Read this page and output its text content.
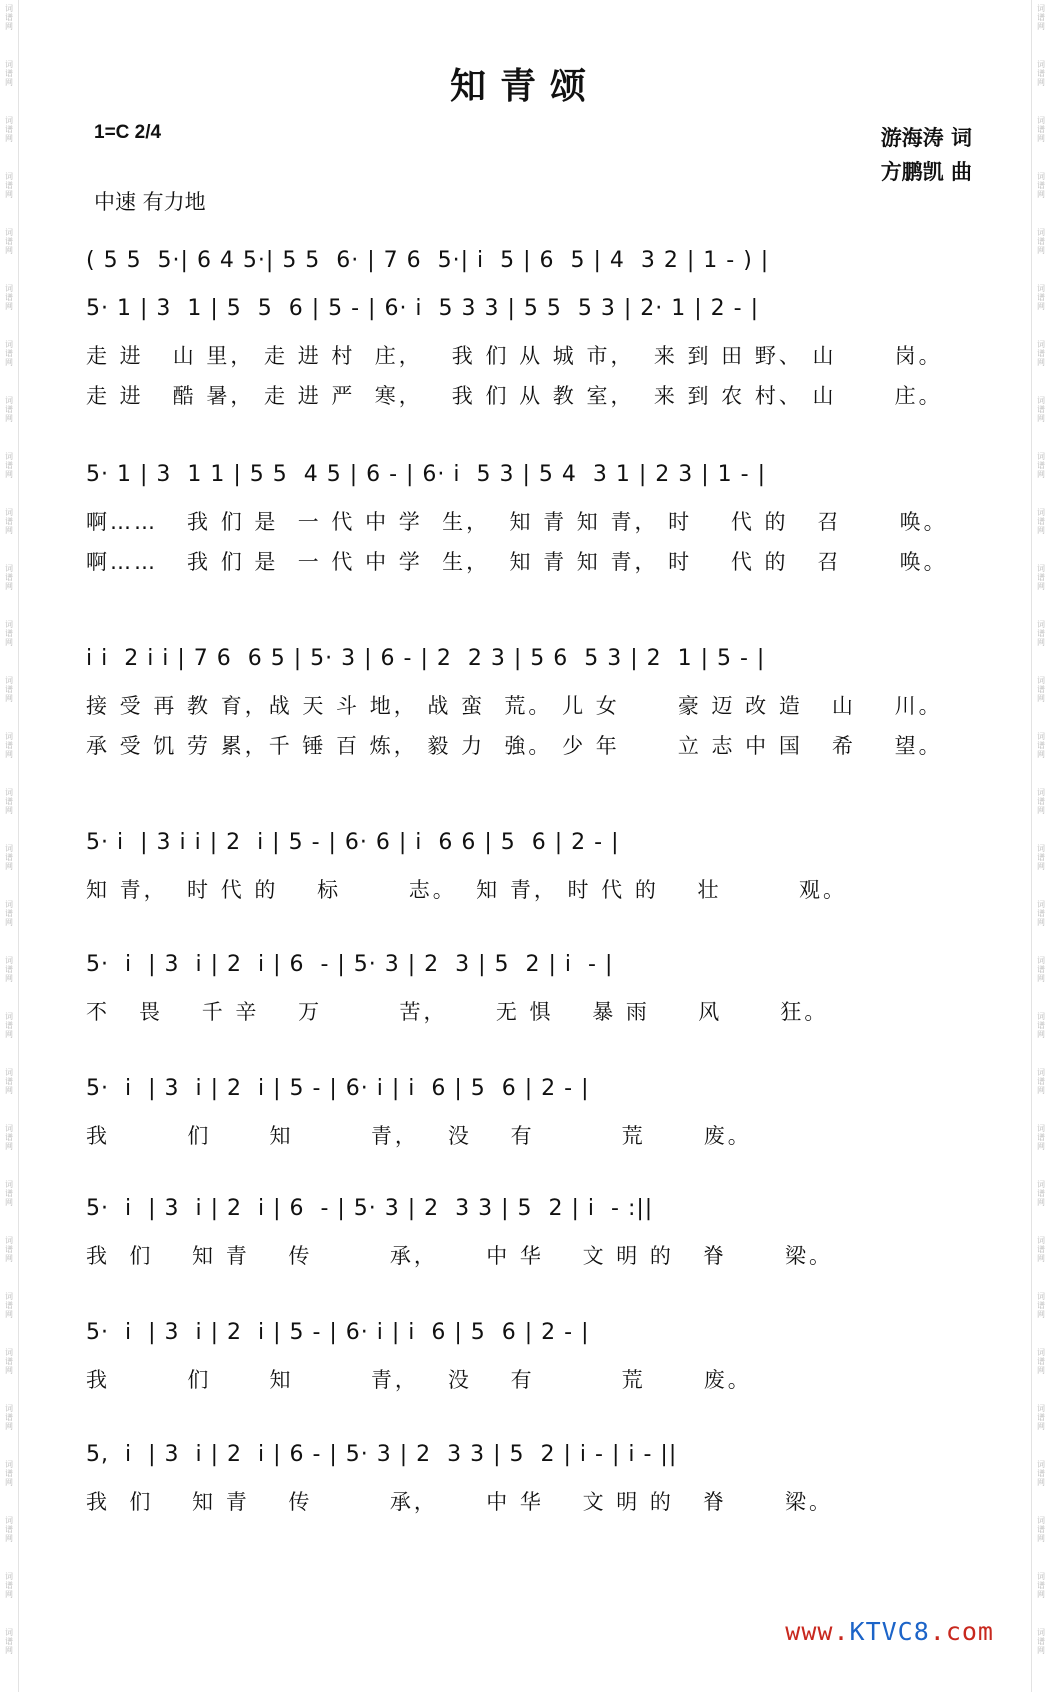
词
谱
网
词
谱
网
词
谱
网
词
谱
网
词
谱
网
词
谱
网
词
谱
网
词
谱
网
词
谱
网
词
谱
网
词
谱
网
词
谱
网
词
谱
网
词
谱
网
词
谱
网
词
谱
网
词
谱
网
词
谱
网
词
谱
网
词
谱
网
词
谱
网
词
谱
网
词
谱
网
词
谱
网
词
谱
网
词
谱
网
词
谱
网
词
谱
网
词
谱
网
词
谱
网
词
谱
网
词
谱
网
词
谱
网
词
谱
网
词
谱
网
词
谱
网
词
谱
网
词
谱
网
词
谱
网
词
谱
网
词
谱
网
词
谱
网
词
谱
网
词
谱
网
词
谱
网
词
谱
网
词
谱
网
词
谱
网
词
谱
网
词
谱
网
词
谱
网
词
谱
网
词
谱
网
词
谱
网
词
谱
网
词
谱
网
词
谱
网
词
谱
网
词
谱
网
词
谱
网
知青颂
1=C 2/4
中速 有力地
游海涛 词
方鹏凯 曲
( 5 5  5·| 6 4 5·| 5 5  6· | 7 6  5·| i  5 | 6  5 | 4  3 2 | 1 - ) |
5· 1 | 3  1 | 5  5  6 | 5 - | 6· i  5 3 3 | 5 5  5 3 | 2· 1 | 2 - |
走 进   山 里， 走 进 村  庄，   我 们 从 城 市，  来 到 田 野、 山      岗。
走 进   酷 暑， 走 进 严  寒，   我 们 从 教 室，  来 到 农 村、 山      庄。
5· 1 | 3  1 1 | 5 5  4 5 | 6 - | 6· i  5 3 | 5 4  3 1 | 2 3 | 1 - |
啊……   我 们 是  一 代 中 学  生，  知 青 知 青， 时    代 的   召      唤。
啊……   我 们 是  一 代 中 学  生，  知 青 知 青， 时    代 的   召      唤。
i i  2 i i | 7 6  6 5 | 5· 3 | 6 - | 2  2 3 | 5 6  5 3 | 2  1 | 5 - |
接 受 再 教 育，战 天 斗 地， 战 蛮  荒。 儿 女      豪 迈 改 造   山    川。
承 受 饥 劳 累，千 锤 百 炼， 毅 力  強。 少 年      立 志 中 国   希    望。
5· i  | 3 i i | 2  i | 5 - | 6· 6 | i  6 6 | 5  6 | 2 - |
知 青，  时 代 的    标       志。  知 青， 时 代 的    壮        观。
5·  i  | 3  i | 2  i | 6  - | 5· 3 | 2  3 | 5  2 | i  - |
不   畏    千 辛    万        苦，     无 惧    暴 雨     风      狂。
5·  i  | 3  i | 2  i | 5 - | 6· i | i  6 | 5  6 | 2 - |
我        们      知        青，   没    有         荒      废。
5·  i  | 3  i | 2  i | 6  - | 5· 3 | 2  3 3 | 5  2 | i  - :||
我  们    知 青    传        承，     中 华    文 明 的   脊      梁。
5·  i  | 3  i | 2  i | 5 - | 6· i | i  6 | 5  6 | 2 - |
我        们      知        青，   没    有         荒      废。
5,  i  | 3  i | 2  i | 6 - | 5· 3 | 2  3 3 | 5  2 | i - | i - ||
我  们    知 青    传        承，     中 华    文 明 的   脊      梁。
www.KTVC8.com
